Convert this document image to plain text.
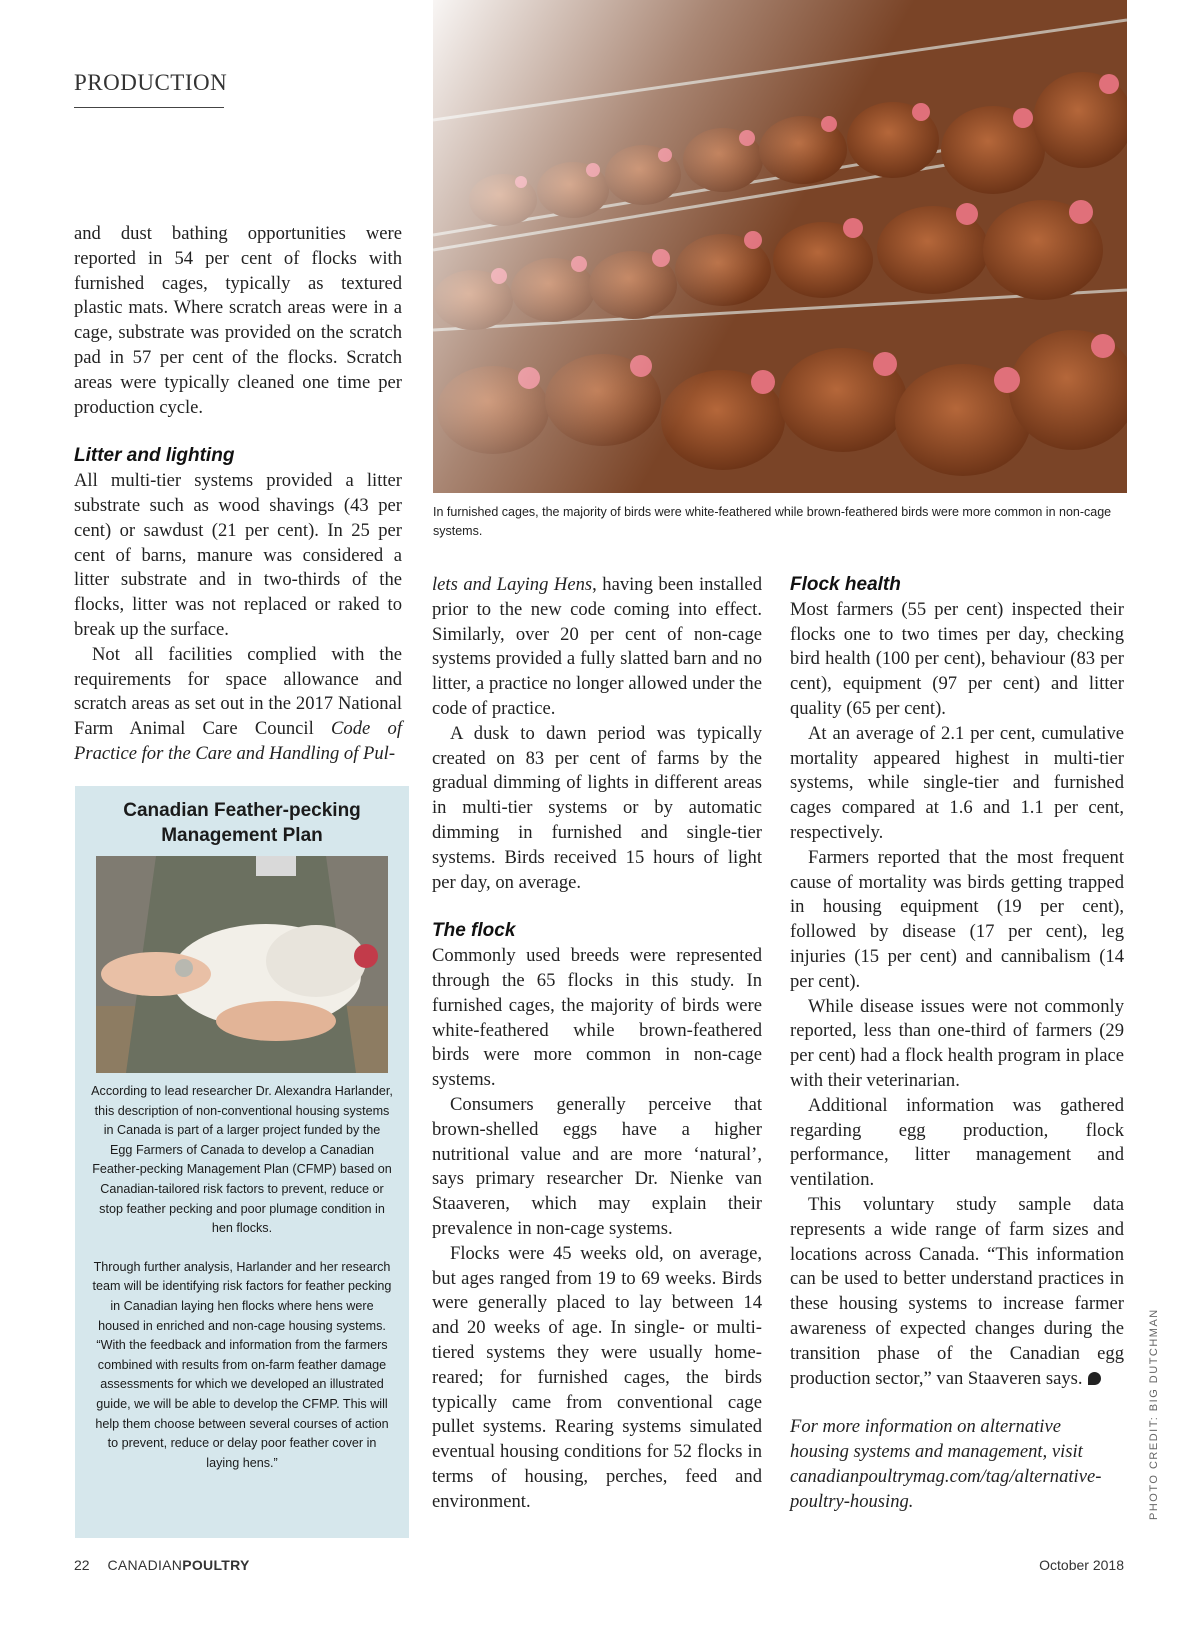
PRODUCTION
In furnished cages, the majority of birds were white-feathered while brown-feathered birds were more common in non-cage systems.

and dust bathing opportunities were reported in 54 per cent of flocks with furnished cages, typically as textured plastic mats. Where scratch areas were in a cage, substrate was provided on the scratch pad in 57 per cent of the flocks. Scratch areas were typically cleaned one time per production cycle.

Litter and lighting

All multi-tier systems provided a litter substrate such as wood shavings (43 per cent) or sawdust (21 per cent). In 25 per cent of barns, manure was considered a litter substrate and in two-thirds of the flocks, litter was not replaced or raked to break up the surface.

Not all facilities complied with the requirements for space allowance and scratch areas as set out in the 2017 National Farm Animal Care Council Code of Practice for the Care and Handling of Pul-

Canadian Feather-pecking Management Plan

According to lead researcher Dr. Alexandra Harlander, this description of non-conventional housing systems in Canada is part of a larger project funded by the Egg Farmers of Canada to develop a Canadian Feather-pecking Management Plan (CFMP) based on Canadian-tailored risk factors to prevent, reduce or stop feather pecking and poor plumage condition in hen flocks.

Through further analysis, Harlander and her research team will be identifying risk factors for feather pecking in Canadian laying hen flocks where hens were housed in enriched and non-cage housing systems. “With the feedback and information from the farmers combined with results from on-farm feather damage assessments for which we developed an illustrated guide, we will be able to develop the CFMP. This will help them choose between several courses of action to prevent, reduce or delay poor feather cover in laying hens.”

lets and Laying Hens, having been installed prior to the new code coming into effect. Similarly, over 20 per cent of non-cage systems provided a fully slatted barn and no litter, a practice no longer allowed under the code of practice.

A dusk to dawn period was typically created on 83 per cent of farms by the gradual dimming of lights in different areas in multi-tier systems or by automatic dimming in furnished and single-tier systems. Birds received 15 hours of light per day, on average.

The flock

Commonly used breeds were represented through the 65 flocks in this study. In furnished cages, the majority of birds were white-feathered while brown-feathered birds were more common in non-cage systems.

Consumers generally perceive that brown-shelled eggs have a higher nutritional value and are more ‘natural’, says primary researcher Dr. Nienke van Staaveren, which may explain their prevalence in non-cage systems.

Flocks were 45 weeks old, on average, but ages ranged from 19 to 69 weeks. Birds were generally placed to lay between 14 and 20 weeks of age. In single- or multi-tiered systems they were usually home-reared; for furnished cages, the birds typically came from conventional cage pullet systems. Rearing systems simulated eventual housing conditions for 52 flocks in terms of housing, perches, feed and environment.

Flock health

Most farmers (55 per cent) inspected their flocks one to two times per day, checking bird health (100 per cent), behaviour (83 per cent), equipment (97 per cent) and litter quality (65 per cent).

At an average of 2.1 per cent, cumulative mortality appeared highest in multi-tier systems, while single-tier and furnished cages compared at 1.6 and 1.1 per cent, respectively.

Farmers reported that the most frequent cause of mortality was birds getting trapped in housing equipment (19 per cent), followed by disease (17 per cent), leg injuries (15 per cent) and cannibalism (14 per cent).

While disease issues were not commonly reported, less than one-third of farmers (29 per cent) had a flock health program in place with their veterinarian.

Additional information was gathered regarding egg production, flock performance, litter management and ventilation.

This voluntary study sample data represents a wide range of farm sizes and locations across Canada. “This information can be used to better understand practices in these housing systems to increase farmer awareness of expected changes during the transition phase of the Canadian egg production sector,” van Staaveren says.

For more information on alternative housing systems and management, visit canadianpoultrymag.com/tag/alternative-poultry-housing.	PHOTO CREDIT: BIG DUTCHMAN
22 CANADIANPOULTRY	October 2018
